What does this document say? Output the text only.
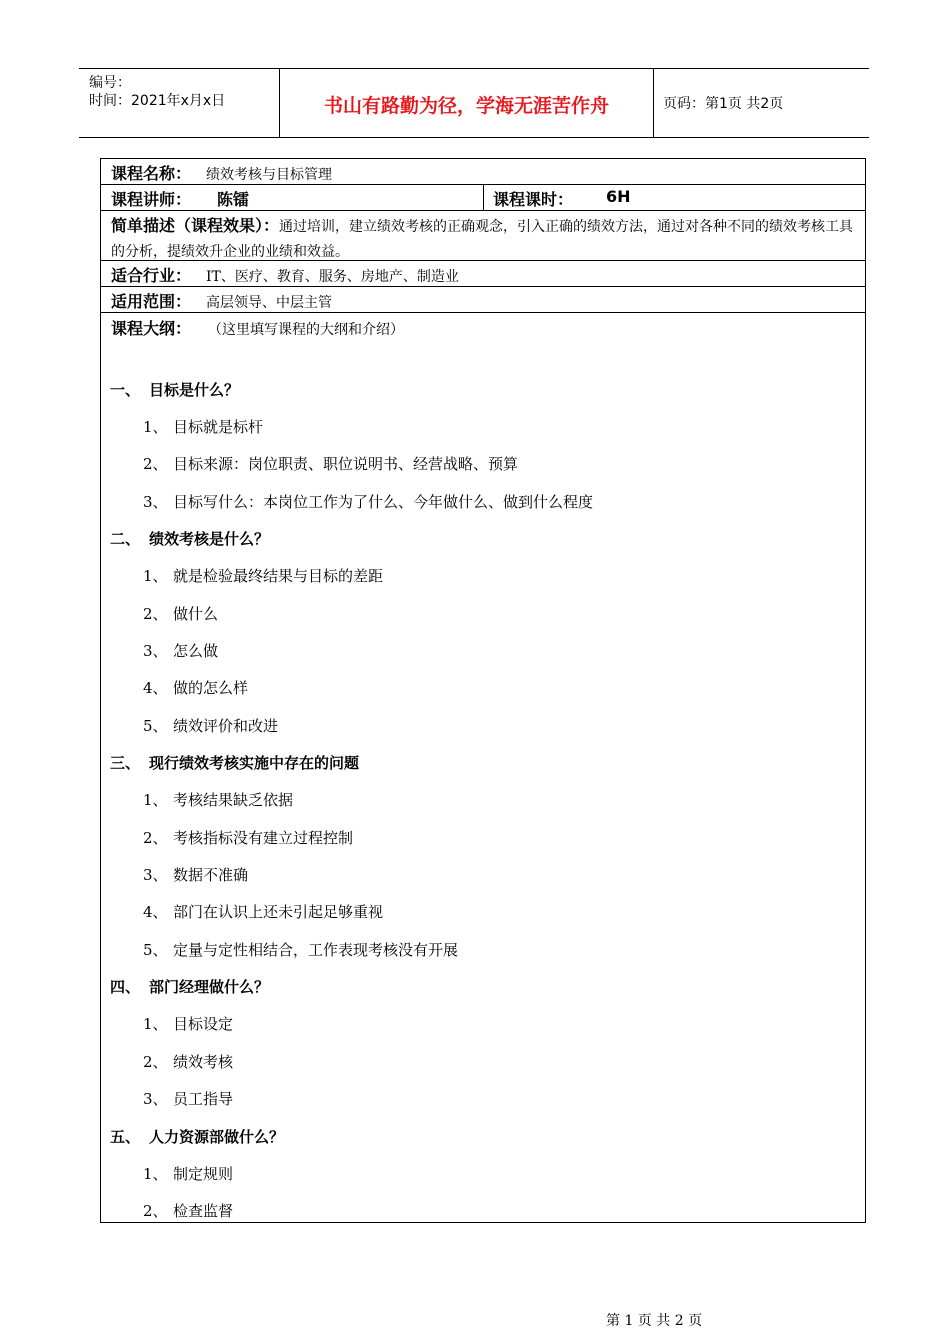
编号：
时间：2021年x月x日	书山有路勤为径，学海无涯苦作舟	页码：第1页 共2页
课程名称： 绩效考核与目标管理
课程讲师： 陈镭	课程课时： 6H
简单描述（课程效果）：通过培训，建立绩效考核的正确观念，引入正确的绩效方法，通过对各种不同的绩效考核工具的分析，提绩效升企业的业绩和效益。
适合行业： IT、医疗、教育、服务、房地产、制造业
适用范围： 高层领导、中层主管
课程大纲： （这里填写课程的大纲和介绍）
一、 目标是什么？
1、 目标就是标杆
2、 目标来源：岗位职责、职位说明书、经营战略、预算
3、 目标写什么：本岗位工作为了什么、今年做什么、做到什么程度
二、 绩效考核是什么？
1、 就是检验最终结果与目标的差距
2、 做什么
3、 怎么做
4、 做的怎么样
5、 绩效评价和改进
三、 现行绩效考核实施中存在的问题
1、 考核结果缺乏依据
2、 考核指标没有建立过程控制
3、 数据不准确
4、 部门在认识上还未引起足够重视
5、 定量与定性相结合，工作表现考核没有开展
四、 部门经理做什么？
1、 目标设定
2、 绩效考核
3、 员工指导
五、 人力资源部做什么？
1、 制定规则
2、 检查监督
第 1 页 共 2 页
